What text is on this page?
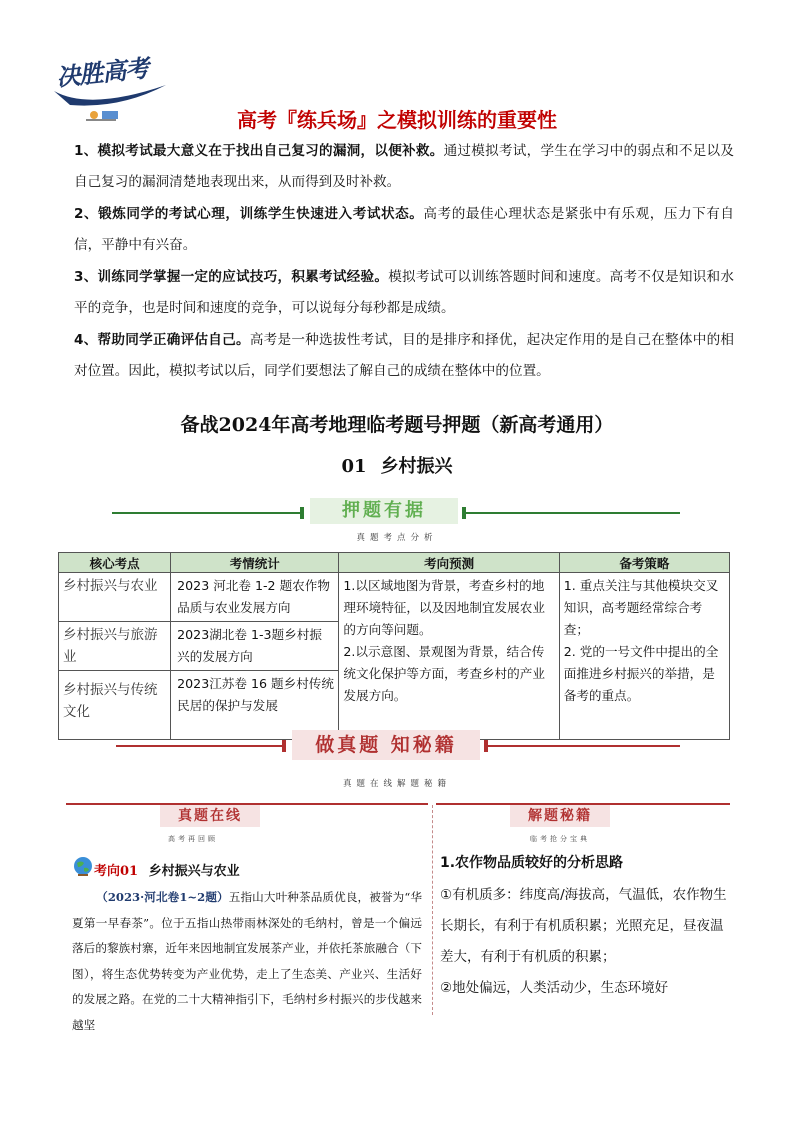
决胜高考
高考『练兵场』之模拟训练的重要性
1、模拟考试最大意义在于找出自己复习的漏洞，以便补救。通过模拟考试，学生在学习中的弱点和不足以及自己复习的漏洞清楚地表现出来，从而得到及时补救。
2、锻炼同学的考试心理，训练学生快速进入考试状态。高考的最佳心理状态是紧张中有乐观，压力下有自信，平静中有兴奋。
3、训练同学掌握一定的应试技巧，积累考试经验。模拟考试可以训练答题时间和速度。高考不仅是知识和水平的竞争，也是时间和速度的竞争，可以说每分每秒都是成绩。
4、帮助同学正确评估自己。高考是一种选拔性考试，目的是排序和择优，起决定作用的是自己在整体中的相对位置。因此，模拟考试以后，同学们要想法了解自己的成绩在整体中的位置。
备战2024年高考地理临考题号押题（新高考通用）
01 乡村振兴
押题有据
真题考点分析
核心考点	考情统计	考向预测	备考策略
乡村振兴与农业	2023 河北卷 1-2 题农作物品质与农业发展方向	1.以区域地图为背景，考查乡村的地理环境特征，以及因地制宜发展农业的方向等问题。
2.以示意图、景观图为背景，结合传统文化保护等方面，考查乡村的产业发展方向。	1. 重点关注与其他模块交叉知识，高考题经常综合考查；
2. 党的一号文件中提出的全面推进乡村振兴的举措，是备考的重点。
乡村振兴与旅游业	2023湖北卷 1-3题乡村振兴的发展方向		
乡村振兴与传统文化	2023江苏卷 16 题乡村传统民居的保护与发展		
做真题 知秘籍
真题在线解题秘籍
真题在线
高考再回顾
解题秘籍
临考抢分宝典
考向01 乡村振兴与农业
（2023·河北卷1~2题）五指山大叶种茶品质优良，被誉为“华夏第一早春茶”。位于五指山热带雨林深处的毛纳村，曾是一个偏远落后的黎族村寨，近年来因地制宜发展茶产业，并依托茶旅融合（下图），将生态优势转变为产业优势，走上了生态美、产业兴、生活好的发展之路。在党的二十大精神指引下，毛纳村乡村振兴的步伐越来越坚
1.农作物品质较好的分析思路
①有机质多：纬度高/海拔高，气温低，农作物生长期长，有利于有机质积累；光照充足，昼夜温差大，有利于有机质的积累；
②地处偏远，人类活动少，生态环境好
